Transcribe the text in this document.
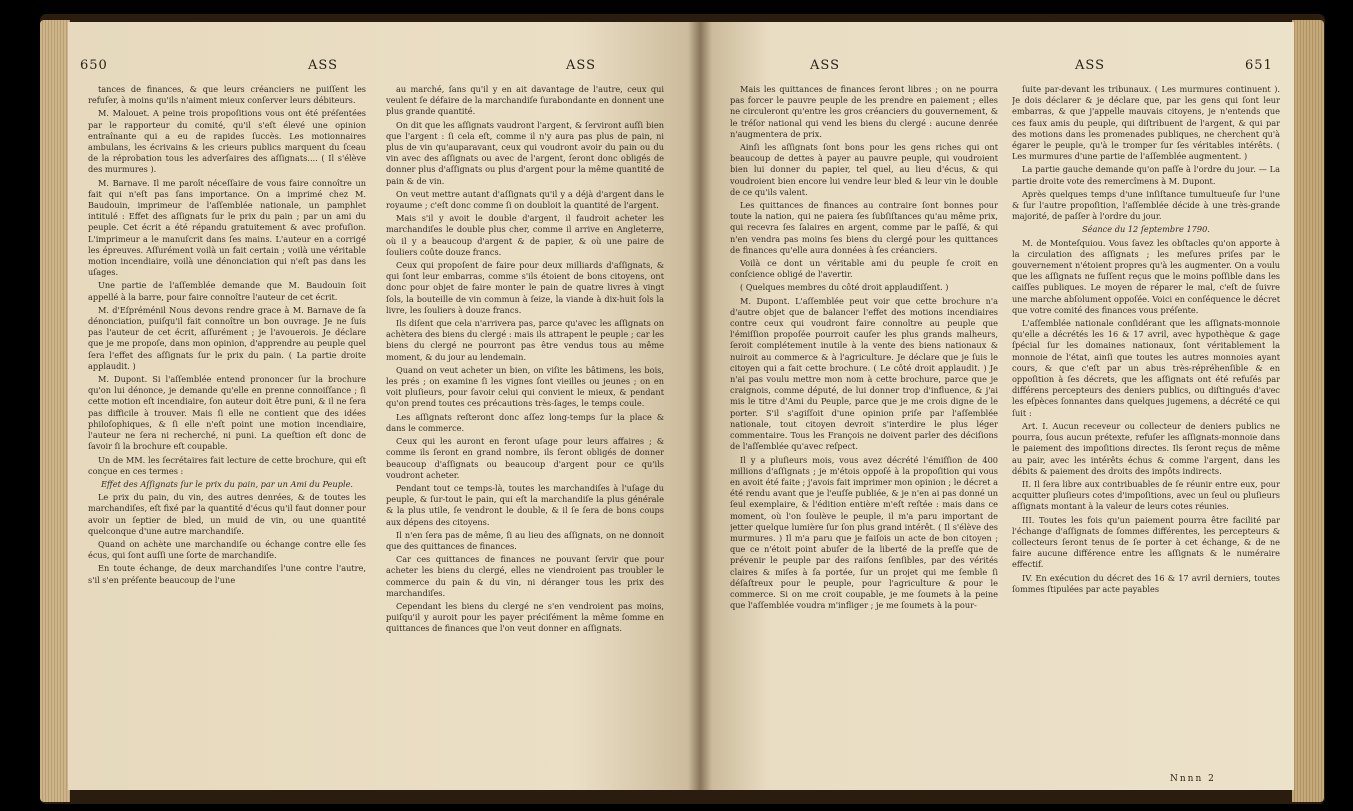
650	ASS	ASS

tances de finances, & que leurs créanciers ne puiſſent les refuſer, à moins qu'ils n'aiment mieux conſerver leurs débiteurs.

M. Malouet. A peine trois propoſitions vous ont été préſentées par le rapporteur du comité, qu'il s'eſt élevé une opinion entraînante qui a eu de rapides ſuccès. Les motionnaires ambulans, les écrivains & les crieurs publics marquent du ſceau de la réprobation tous les adverſaires des aſſignats.... ( Il s'élève des murmures ).

M. Barnave. Il me paroît néceſſaire de vous faire connoître un fait qui n'eſt pas ſans importance. On a imprimé chez M. Baudouin, imprimeur de l'aſſemblée nationale, un pamphlet intitulé : Effet des aſſignats ſur le prix du pain ; par un ami du peuple. Cet écrit a été répandu gratuitement & avec profuſion. L'imprimeur a le manuſcrit dans ſes mains. L'auteur en a corrigé les épreuves. Aſſurément voilà un fait certain ; voilà une véritable motion incendiaire, voilà une dénonciation qui n'eſt pas dans les uſages.

Une partie de l'aſſemblée demande que M. Baudouin ſoit appellé à la barre, pour faire connoître l'auteur de cet écrit.

M. d'Eſpréménil Nous devons rendre grace à M. Barnave de ſa dénonciation, puiſqu'il fait connoître un bon ouvrage. Je ne ſuis pas l'auteur de cet écrit, aſſurément ; je l'avouerois. Je déclare que je me propoſe, dans mon opinion, d'apprendre au peuple quel ſera l'effet des aſſignats ſur le prix du pain. ( La partie droite applaudit. )

M. Dupont. Si l'aſſemblée entend prononcer ſur la brochure qu'on lui dénonce, je demande qu'elle en prenne connoiſſance ; ſi cette motion eſt incendiaire, ſon auteur doit être puni, & il ne ſera pas difficile à trouver. Mais ſi elle ne contient que des idées philoſophiques, & ſi elle n'eſt point une motion incendiaire, l'auteur ne ſera ni recherché, ni puni. La queſtion eſt donc de ſavoir ſi la brochure eſt coupable.

Un de MM. les ſecrétaires fait lecture de cette brochure, qui eſt conçue en ces termes :

Effet des Aſſignats ſur le prix du pain, par un Ami du Peuple.

Le prix du pain, du vin, des autres denrées, & de toutes les marchandiſes, eſt fixé par la quantité d'écus qu'il faut donner pour avoir un ſeptier de bled, un muid de vin, ou une quantité quelconque d'une autre marchandiſe.

Quand on achète une marchandiſe ou échange contre elle ſes écus, qui ſont auſſi une ſorte de marchandiſe.

En toute échange, de deux marchandiſes l'une contre l'autre, s'il s'en préſente beaucoup de l'une

au marché, ſans qu'il y en ait davantage de l'autre, ceux qui veulent ſe défaire de la marchandiſe ſurabondante en donnent une plus grande quantité.

On dit que les aſſignats vaudront l'argent, & ſerviront auſſi bien que l'argent : ſi cela eſt, comme il n'y aura pas plus de pain, ni plus de vin qu'auparavant, ceux qui voudront avoir du pain ou du vin avec des aſſignats ou avec de l'argent, ſeront donc obligés de donner plus d'aſſignats ou plus d'argent pour la même quantité de pain & de vin.

On veut mettre autant d'aſſignats qu'il y a déjà d'argent dans le royaume ; c'eſt donc comme ſi on doubloit la quantité de l'argent.

Mais s'il y avoit le double d'argent, il faudroit acheter les marchandiſes le double plus cher, comme il arrive en Angleterre, où il y a beaucoup d'argent & de papier, & où une paire de ſouliers coûte douze francs.

Ceux qui propoſent de faire pour deux milliards d'aſſignats, & qui ſont leur embarras, comme s'ils étoient de bons citoyens, ont donc pour objet de faire monter le pain de quatre livres à vingt ſols, la bouteille de vin commun à ſeize, la viande à dix-huit ſols la livre, les ſouliers à douze francs.

Ils diſent que cela n'arrivera pas, parce qu'avec les aſſignats on achètera des biens du clergé : mais ils attrapent le peuple ; car les biens du clergé ne pourront pas être vendus tous au même moment, & du jour au lendemain.

Quand on veut acheter un bien, on viſite les bâtimens, les bois, les prés ; on examine ſi les vignes ſont vieilles ou jeunes ; on en voit pluſieurs, pour ſavoir celui qui convient le mieux, & pendant qu'on prend toutes ces précautions très-ſages, le temps coule.

Les aſſignats reſteront donc aſſez long-temps ſur la place & dans le commerce.

Ceux qui les auront en feront uſage pour leurs affaires ; & comme ils ſeront en grand nombre, ils ſeront obligés de donner beaucoup d'aſſignats ou beaucoup d'argent pour ce qu'ils voudront acheter.

Pendant tout ce temps-là, toutes les marchandiſes à l'uſage du peuple, & ſur-tout le pain, qui eſt la marchandiſe la plus générale & la plus utile, ſe vendront le double, & il ſe ſera de bons coups aux dépens des citoyens.

Il n'en ſera pas de même, ſi au lieu des aſſignats, on ne donnoit que des quittances de finances.

Car ces quittances de finances ne pouvant ſervir que pour acheter les biens du clergé, elles ne viendroient pas troubler le commerce du pain & du vin, ni déranger tous les prix des marchandiſes.

Cependant les biens du clergé ne s'en vendroient pas moins, puiſqu'il y auroit pour les payer préciſément la même ſomme en quittances de finances que l'on veut donner en aſſignats.

ASS	ASS	651

Mais les quittances de finances ſeront libres ; on ne pourra pas forcer le pauvre peuple de les prendre en paiement ; elles ne circuleront qu'entre les gros créanciers du gouvernement, & le tréſor national qui vend les biens du clergé : aucune denrée n'augmentera de prix.

Ainſi les aſſignats ſont bons pour les gens riches qui ont beaucoup de dettes à payer au pauvre peuple, qui voudroient bien lui donner du papier, tel quel, au lieu d'écus, & qui voudroient bien encore lui vendre leur bled & leur vin le double de ce qu'ils valent.

Les quittances de finances au contraire ſont bonnes pour toute la nation, qui ne paiera ſes ſubſiſtances qu'au même prix, qui recevra ſes ſalaires en argent, comme par le paſſé, & qui n'en vendra pas moins ſes biens du clergé pour les quittances de finances qu'elle aura données à ſes créanciers.

Voilà ce dont un véritable ami du peuple ſe croit en conſcience obligé de l'avertir.

( Quelques membres du côté droit applaudiſſent. )

M. Dupont. L'aſſemblée peut voir que cette brochure n'a d'autre objet que de balancer l'effet des motions incendiaires contre ceux qui voudront faire connoître au peuple que l'émiſſion propoſée pourroit cauſer les plus grands malheurs, ſeroit complétement inutile à la vente des biens nationaux & nuiroit au commerce & à l'agriculture. Je déclare que je ſuis le citoyen qui a fait cette brochure. ( Le côté droit applaudit. ) Je n'ai pas voulu mettre mon nom à cette brochure, parce que je craignois, comme député, de lui donner trop d'influence, & j'ai mis le titre d'Ami du Peuple, parce que je me crois digne de le porter. S'il s'agiſſoit d'une opinion priſe par l'aſſemblée nationale, tout citoyen devroit s'interdire le plus léger commentaire. Tous les François ne doivent parler des déciſions de l'aſſemblée qu'avec reſpect.

Il y a pluſieurs mois, vous avez décrété l'émiſſion de 400 millions d'aſſignats ; je m'étois oppoſé à la propoſition qui vous en avoit été faite ; j'avois fait imprimer mon opinion ; le décret a été rendu avant que je l'euſſe publiée, & je n'en ai pas donné un ſeul exemplaire, & l'édition entière m'eſt reſtée : mais dans ce moment, où l'on ſoulève le peuple, il m'a paru important de jetter quelque lumière ſur ſon plus grand intérêt. ( Il s'élève des murmures. ) Il m'a paru que je faiſois un acte de bon citoyen ; que ce n'étoit point abuſer de la liberté de la preſſe que de prévenir le peuple par des raiſons ſenſibles, par des vérités claires & miſes à ſa portée, ſur un projet qui me ſemble ſi déſaſtreux pour le peuple, pour l'agriculture & pour le commerce. Si on me croit coupable, je me ſoumets à la peine que l'aſſemblée voudra m'infliger ; je me ſoumets à la pour-

ſuite par-devant les tribunaux. ( Les murmures continuent ). Je dois déclarer & je déclare que, par les gens qui ſont leur embarras, & que j'appelle mauvais citoyens, je n'entends que ces faux amis du peuple, qui diſtribuent de l'argent, & qui par des motions dans les promenades publiques, ne cherchent qu'à égarer le peuple, qu'à le tromper ſur ſes véritables intérêts. ( Les murmures d'une partie de l'aſſemblée augmentent. )

La partie gauche demande qu'on paſſe à l'ordre du jour. — La partie droite vote des remercîmens à M. Dupont.

Après quelques temps d'une inſiſtance tumultueuſe ſur l'une & ſur l'autre propoſition, l'aſſemblée décide à une très-grande majorité, de paſſer à l'ordre du jour.

Séance du 12 ſeptembre 1790.

M. de Monteſquiou. Vous ſavez les obſtacles qu'on apporte à la circulation des aſſignats ; les meſures priſes par le gouvernement n'étoient propres qu'à les augmenter. On a voulu que les aſſignats ne fuſſent reçus que le moins poſſible dans les caiſſes publiques. Le moyen de réparer le mal, c'eſt de ſuivre une marche abſolument oppoſée. Voici en conſéquence le décret que votre comité des finances vous préſente.

L'aſſemblée nationale conſidérant que les aſſignats-monnoie qu'elle a décrétés les 16 & 17 avril, avec hypothèque & gage ſpécial ſur les domaines nationaux, ſont véritablement la monnoie de l'état, ainſi que toutes les autres monnoies ayant cours, & que c'eſt par un abus très-répréhenſible & en oppoſition à ſes décrets, que les aſſignats ont été refuſés par différens percepteurs des deniers publics, ou diſtingués d'avec les eſpèces ſonnantes dans quelques jugemens, a décrété ce qui ſuit :

Art. I. Aucun receveur ou collecteur de deniers publics ne pourra, ſous aucun prétexte, refuſer les aſſignats-monnoie dans le paiement des impoſitions directes. Ils ſeront reçus de même au pair, avec les intérêts échus & comme l'argent, dans les débits & paiement des droits des impôts indirects.

II. Il ſera libre aux contribuables de ſe réunir entre eux, pour acquitter pluſieurs cotes d'impoſitions, avec un ſeul ou pluſieurs aſſignats montant à la valeur de leurs cotes réunies.

III. Toutes les fois qu'un paiement pourra être facilité par l'échange d'aſſignats de ſommes différentes, les percepteurs & collecteurs ſeront tenus de ſe porter à cet échange, & de ne faire aucune différence entre les aſſignats & le numéraire effectif.

IV. En exécution du décret des 16 & 17 avril derniers, toutes ſommes ſtipulées par acte payables

Nnnn 2
